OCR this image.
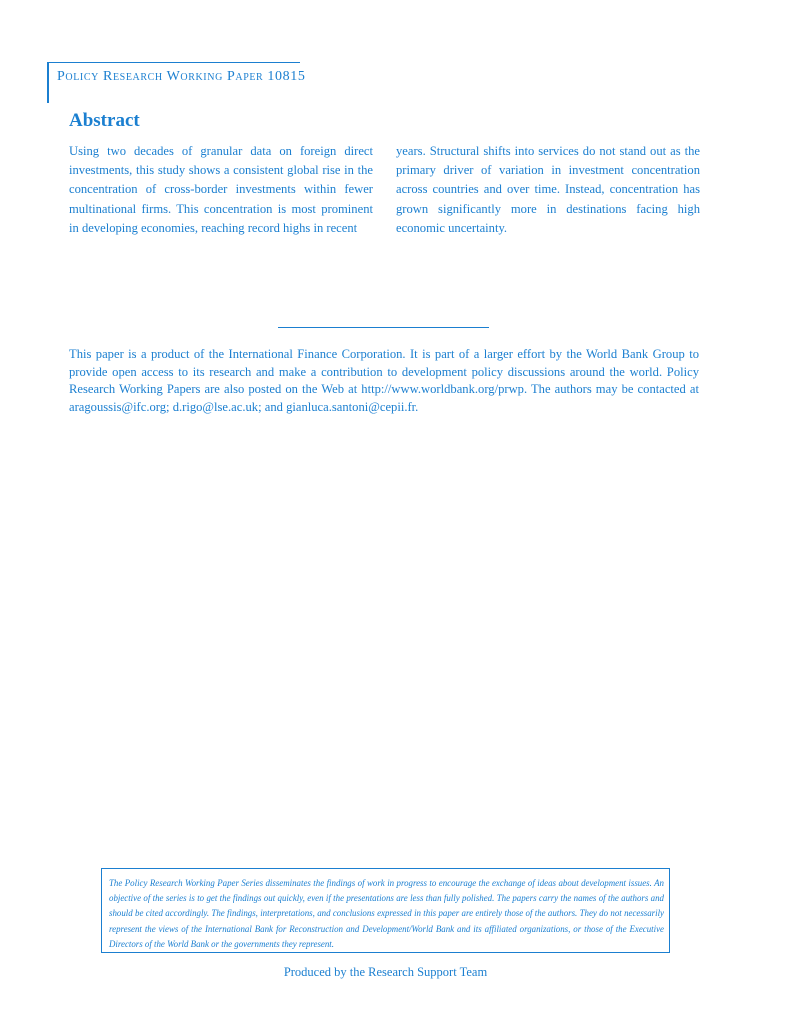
Policy Research Working Paper 10815
Abstract
Using two decades of granular data on foreign direct investments, this study shows a consistent global rise in the concentration of cross-border investments within fewer multinational firms. This concentration is most prominent in developing economies, reaching record highs in recent
years. Structural shifts into services do not stand out as the primary driver of variation in investment concentration across countries and over time. Instead, concentration has grown significantly more in destinations facing high economic uncertainty.
This paper is a product of the International Finance Corporation. It is part of a larger effort by the World Bank Group to provide open access to its research and make a contribution to development policy discussions around the world. Policy Research Working Papers are also posted on the Web at http://www.worldbank.org/prwp. The authors may be contacted at aragoussis@ifc.org; d.rigo@lse.ac.uk; and gianluca.santoni@cepii.fr.
The Policy Research Working Paper Series disseminates the findings of work in progress to encourage the exchange of ideas about development issues. An objective of the series is to get the findings out quickly, even if the presentations are less than fully polished. The papers carry the names of the authors and should be cited accordingly. The findings, interpretations, and conclusions expressed in this paper are entirely those of the authors. They do not necessarily represent the views of the International Bank for Reconstruction and Development/World Bank and its affiliated organizations, or those of the Executive Directors of the World Bank or the governments they represent.
Produced by the Research Support Team
